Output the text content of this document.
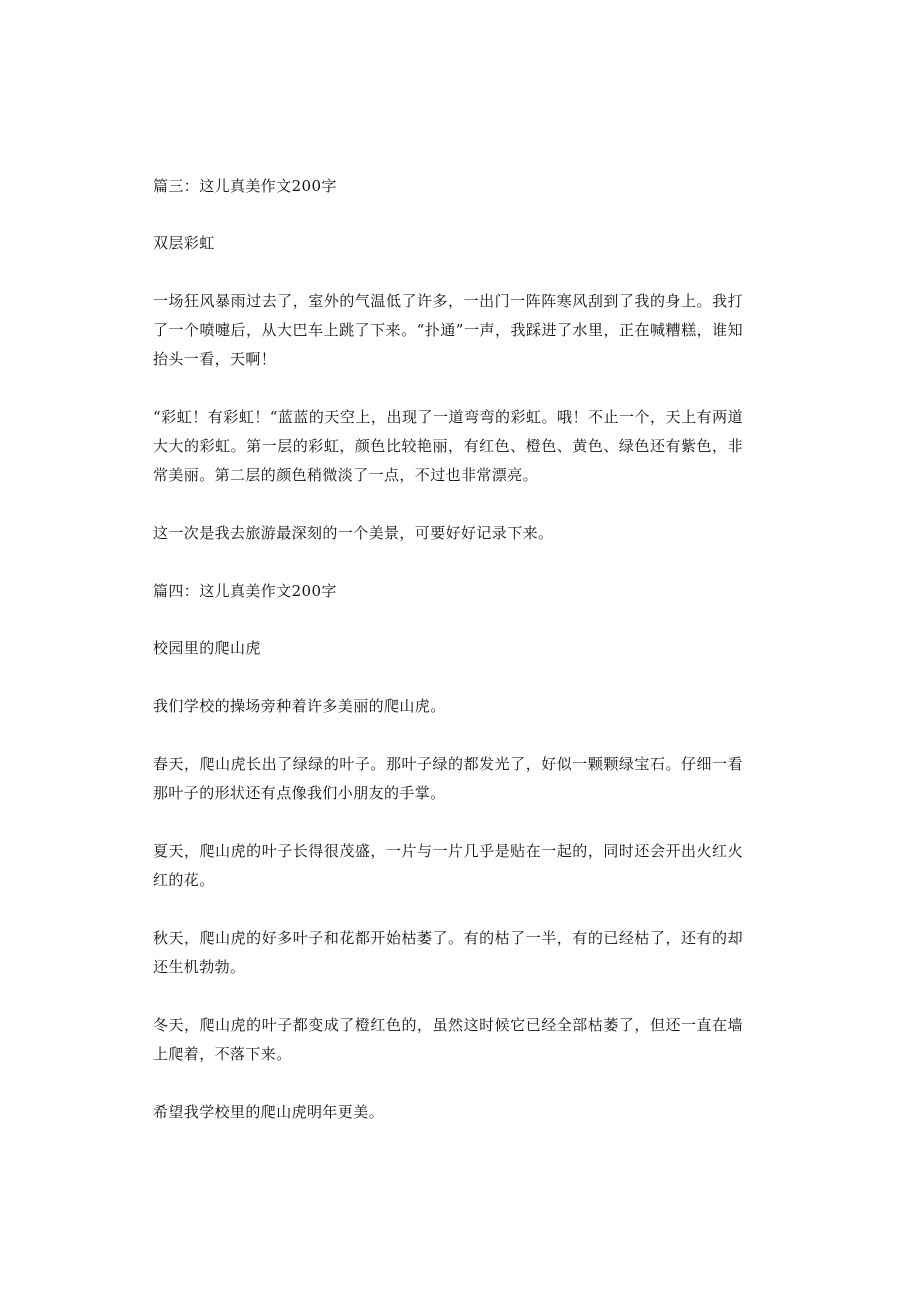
篇三：这儿真美作文200字

双层彩虹

一场狂风暴雨过去了，室外的气温低了许多，一出门一阵阵寒风刮到了我的身上。我打了一个喷嚏后，从大巴车上跳了下来。“扑通”一声，我踩进了水里，正在喊糟糕，谁知抬头一看，天啊！

“彩虹！有彩虹！“蓝蓝的天空上，出现了一道弯弯的彩虹。哦！不止一个，天上有两道大大的彩虹。第一层的彩虹，颜色比较艳丽，有红色、橙色、黄色、绿色还有紫色，非常美丽。第二层的颜色稍微淡了一点，不过也非常漂亮。

这一次是我去旅游最深刻的一个美景，可要好好记录下来。

篇四：这儿真美作文200字

校园里的爬山虎

我们学校的操场旁种着许多美丽的爬山虎。

春天，爬山虎长出了绿绿的叶子。那叶子绿的都发光了，好似一颗颗绿宝石。仔细一看那叶子的形状还有点像我们小朋友的手掌。

夏天，爬山虎的叶子长得很茂盛，一片与一片几乎是贴在一起的，同时还会开出火红火红的花。

秋天，爬山虎的好多叶子和花都开始枯萎了。有的枯了一半，有的已经枯了，还有的却还生机勃勃。

冬天，爬山虎的叶子都变成了橙红色的，虽然这时候它已经全部枯萎了，但还一直在墙上爬着，不落下来。

希望我学校里的爬山虎明年更美。
